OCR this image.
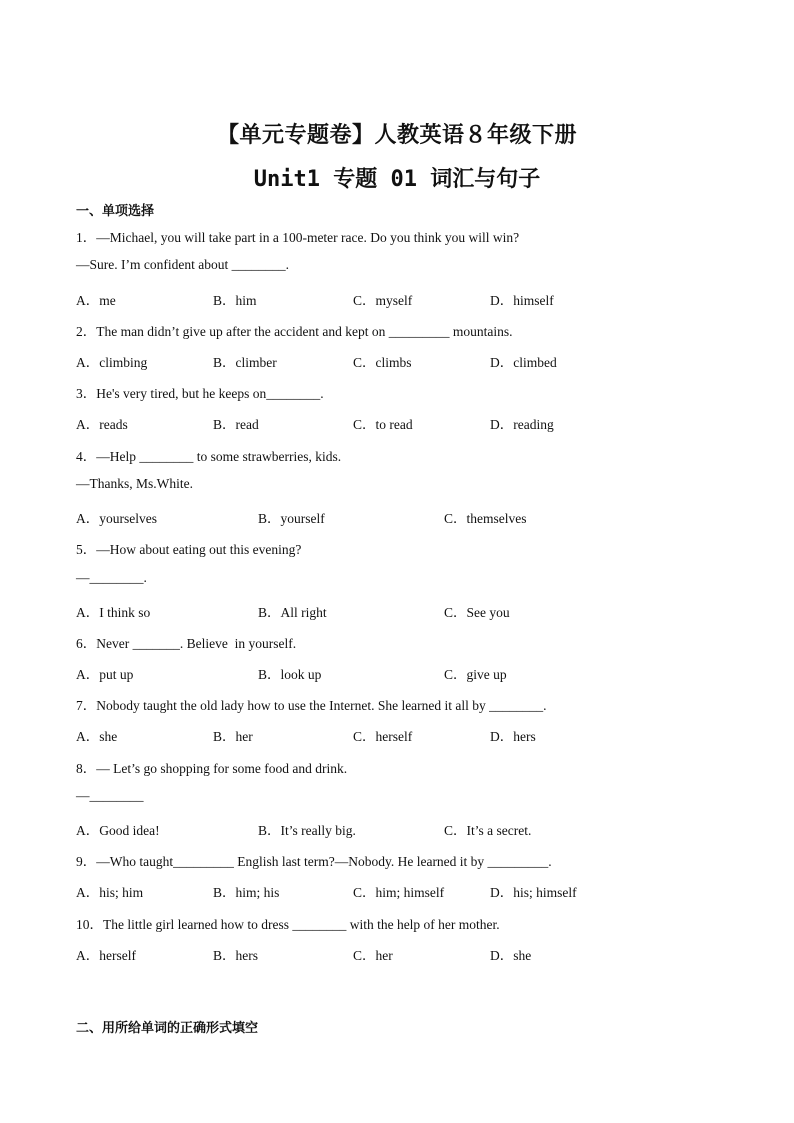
【单元专题卷】人教英语８年级下册
Unit1 专题 01 词汇与句子
一、单项选择
1．—Michael, you will take part in a 100-meter race. Do you think you will win?
—Sure. I’m confident about ________.
A．me	B．him	C．myself	D．himself
2．The man didn’t give up after the accident and kept on _________ mountains.
A．climbing	B．climber	C．climbs	D．climbed
3．He's very tired, but he keeps on________.
A．reads	B．read	C．to read	D．reading
4．—Help ________ to some strawberries, kids.
—Thanks, Ms.White.
A．yourselves	B．yourself	C．themselves
5．—How about eating out this evening?
—________.
A．I think so	B．All right	C．See you
6．Never _______. Believe  in yourself.
A．put up	B．look up	C．give up
7．Nobody taught the old lady how to use the Internet. She learned it all by ________.
A．she	B．her	C．herself	D．hers
8．— Let’s go shopping for some food and drink.
—________
A．Good idea!	B．It’s really big.	C．It’s a secret.
9．—Who taught_________ English last term?—Nobody. He learned it by _________.
A．his; him	B．him; his	C．him; himself	D．his; himself
10．The little girl learned how to dress ________ with the help of her mother.
A．herself	B．hers	C．her	D．she
二、用所给单词的正确形式填空
